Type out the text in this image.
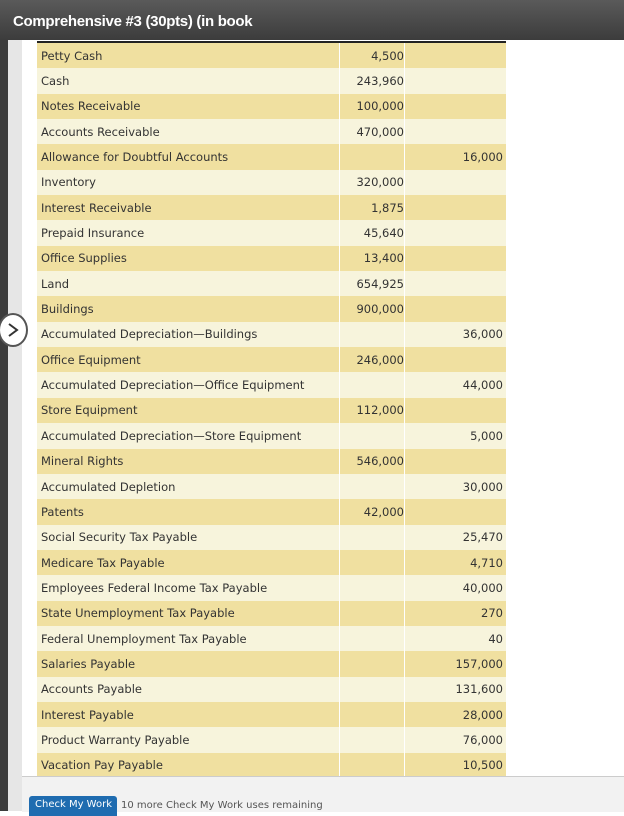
Comprehensive #3 (30pts) (in book
Petty Cash	4,500		
Cash	243,960		
Notes Receivable	100,000		
Accounts Receivable	470,000		
Allowance for Doubtful Accounts			16,000
Inventory	320,000		
Interest Receivable	1,875		
Prepaid Insurance	45,640		
Office Supplies	13,400		
Land	654,925		
Buildings	900,000		
Accumulated Depreciation—Buildings			36,000
Office Equipment	246,000		
Accumulated Depreciation—Office Equipment			44,000
Store Equipment	112,000		
Accumulated Depreciation—Store Equipment			5,000
Mineral Rights	546,000		
Accumulated Depletion			30,000
Patents	42,000		
Social Security Tax Payable			25,470
Medicare Tax Payable			4,710
Employees Federal Income Tax Payable			40,000
State Unemployment Tax Payable			270
Federal Unemployment Tax Payable			40
Salaries Payable			157,000
Accounts Payable			131,600
Interest Payable			28,000
Product Warranty Payable			76,000
Vacation Pay Payable			10,500
Check My Work 10 more Check My Work uses remaining
